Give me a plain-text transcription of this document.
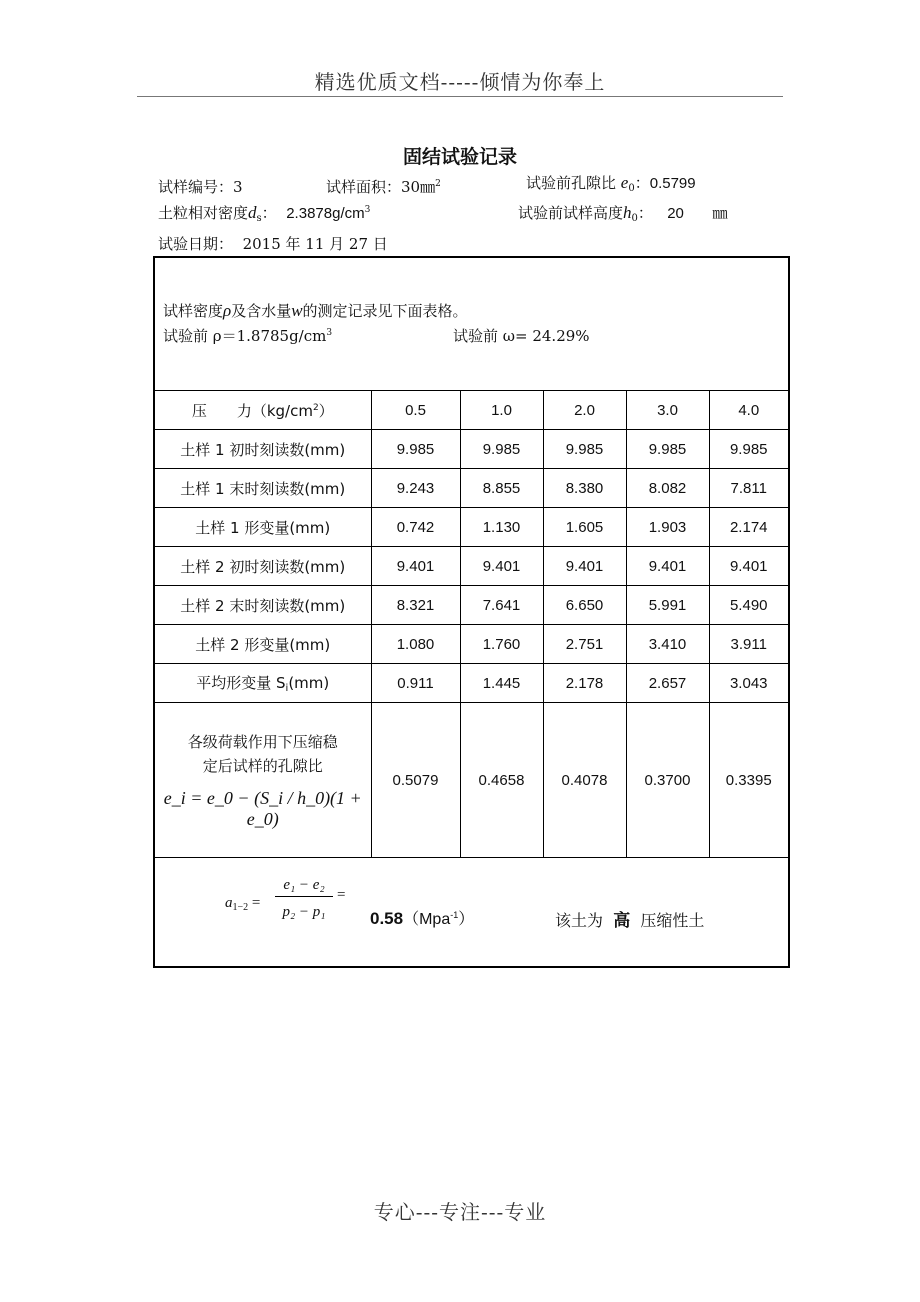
精选优质文档-----倾情为你奉上
固结试验记录
试样编号：3	试样面积：30㎜$^2$	试验前孔隙比 $e_0$：0.5799
土粒相对密度$d_s$： $2.3878g/cm^3$	试验前试样高度$h_0$： 20 ㎜
试验日期： 2015 年 11 月 27 日
试样密度ρ及含水量w的测定记录见下面表格。
试验前 ρ＝1.8785g/cm3	试验前 ω= 24.29%
压　　力$(kg/cm^2)$	0.5	1.0	2.0	3.0	4.0
土样 1 初时刻读数(mm)	9.985	9.985	9.985	9.985	9.985
土样 1 末时刻读数(mm)	9.243	8.855	8.380	8.082	7.811
土样 1 形变量(mm)	0.742	1.130	1.605	1.903	2.174
土样 2 初时刻读数(mm)	9.401	9.401	9.401	9.401	9.401
土样 2 末时刻读数(mm)	8.321	7.641	6.650	5.991	5.490
土样 2 形变量(mm)	1.080	1.760	2.751	3.410	3.911
平均形变量 $S_i(mm)$	0.911	1.445	2.178	2.657	3.043

各级荷载作用下压缩稳
定后试样的孔隙比
e_i = e_0 − (S_i / h_0)(1 + e_0)	0.5079	0.4658	0.4078	0.3700	0.3395
$a_{1-2}$ =
e₁ − e₂
p₂ − p₁
=
0.58（Mpa$^{-1}$）	该土为 高 压缩性土
专心---专注---专业
